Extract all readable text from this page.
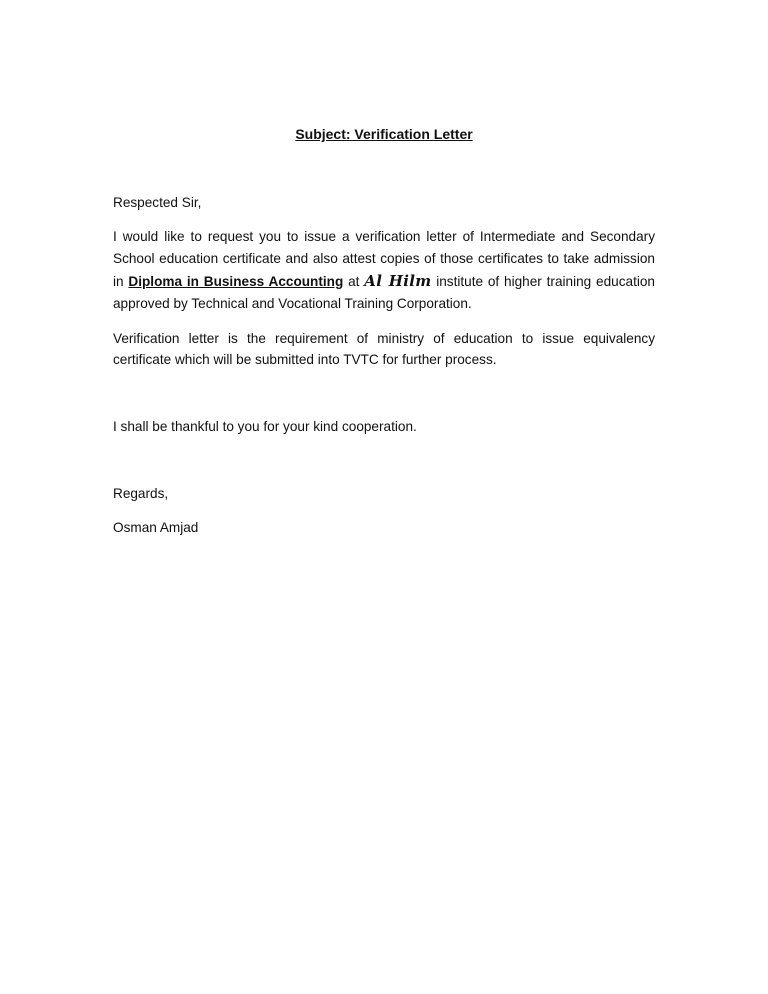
Subject: Verification Letter

Respected Sir,

I would like to request you to issue a verification letter of Intermediate and Secondary School education certificate and also attest copies of those certificates to take admission in Diploma in Business Accounting at Al Hilm institute of higher training education approved by Technical and Vocational Training Corporation.

Verification letter is the requirement of ministry of education to issue equivalency certificate which will be submitted into TVTC for further process.

I shall be thankful to you for your kind cooperation.

Regards,

Osman Amjad
